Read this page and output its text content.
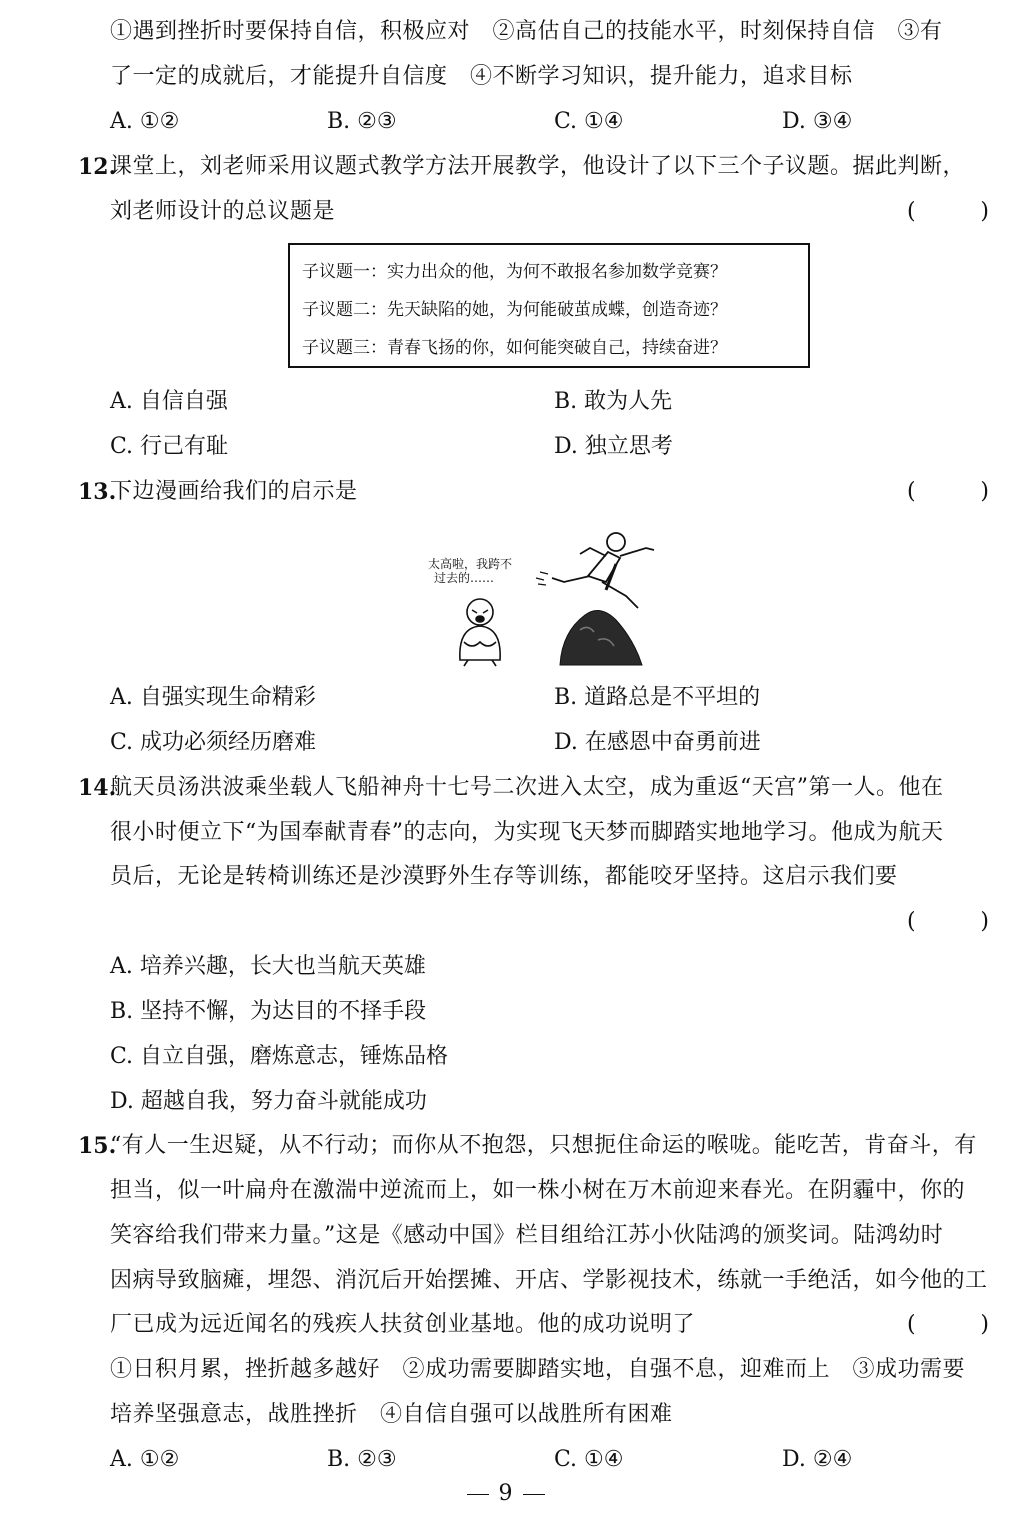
①遇到挫折时要保持自信，积极应对　②高估自己的技能水平，时刻保持自信　③有
了一定的成就后，才能提升自信度　④不断学习知识，提升能力，追求目标
A. ①②	B. ②③	C. ①④	D. ③④
12.
课堂上，刘老师采用议题式教学方法开展教学，他设计了以下三个子议题。据此判断，
刘老师设计的总议题是	(	)
子议题一：实力出众的他，为何不敢报名参加数学竞赛？
子议题二：先天缺陷的她，为何能破茧成蝶，创造奇迹？
子议题三：青春飞扬的你，如何能突破自己，持续奋进？
A. 自信自强	B. 敢为人先
C. 行己有耻	D. 独立思考
13.
下边漫画给我们的启示是	(	)
太高啦，我跨不
过去的……
A. 自强实现生命精彩	B. 道路总是不平坦的
C. 成功必须经历磨难	D. 在感恩中奋勇前进
14.
航天员汤洪波乘坐载人飞船神舟十七号二次进入太空，成为重返“天宫”第一人。他在
很小时便立下“为国奉献青春”的志向，为实现飞天梦而脚踏实地地学习。他成为航天
员后，无论是转椅训练还是沙漠野外生存等训练，都能咬牙坚持。这启示我们要
(	)
A. 培养兴趣，长大也当航天英雄
B. 坚持不懈，为达目的不择手段
C. 自立自强，磨炼意志，锤炼品格
D. 超越自我，努力奋斗就能成功
15.
“有人一生迟疑，从不行动；而你从不抱怨，只想扼住命运的喉咙。能吃苦，肯奋斗，有
担当，似一叶扁舟在激湍中逆流而上，如一株小树在万木前迎来春光。在阴霾中，你的
笑容给我们带来力量。”这是《感动中国》栏目组给江苏小伙陆鸿的颁奖词。陆鸿幼时
因病导致脑瘫，埋怨、消沉后开始摆摊、开店、学影视技术，练就一手绝活，如今他的工
厂已成为远近闻名的残疾人扶贫创业基地。他的成功说明了	(	)
①日积月累，挫折越多越好　②成功需要脚踏实地，自强不息，迎难而上　③成功需要
培养坚强意志，战胜挫折　④自信自强可以战胜所有困难
A. ①②	B. ②③	C. ①④	D. ②④
9
